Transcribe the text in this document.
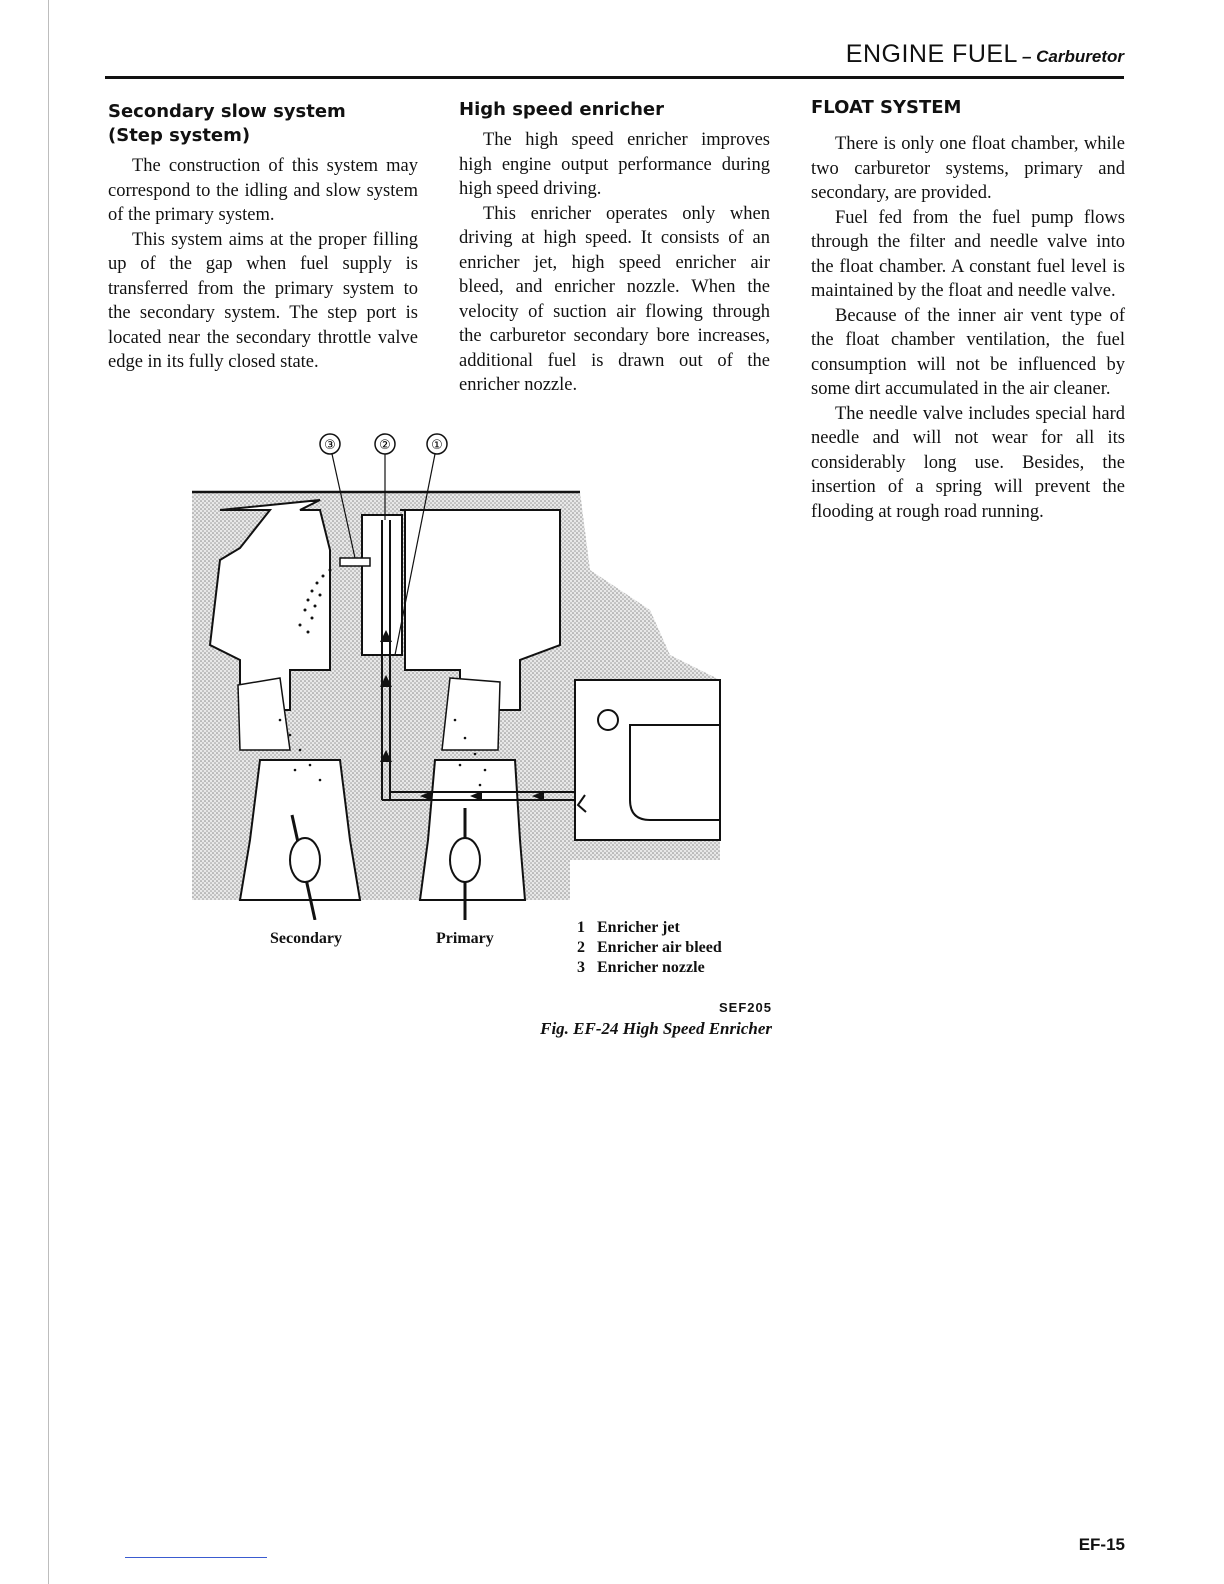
ENGINE FUEL – Carburetor
Secondary slow system
(Step system)

The construction of this system may correspond to the idling and slow system of the primary system.

This system aims at the proper filling up of the gap when fuel supply is transferred from the primary system to the secondary system. The step port is located near the secondary throttle valve edge in its fully closed state.

High speed enricher

The high speed enricher improves high engine output performance during high speed driving.

This enricher operates only when driving at high speed. It consists of an enricher jet, high speed enricher air bleed, and enricher nozzle. When the velocity of suction air flowing through the carburetor secondary bore increases, additional fuel is drawn out of the enricher nozzle.

FLOAT SYSTEM

There is only one float chamber, while two carburetor systems, primary and secondary, are provided.

Fuel fed from the fuel pump flows through the filter and needle valve into the float chamber. A constant fuel level is maintained by the float and needle valve.

Because of the inner air vent type of the float chamber ventilation, the fuel consumption will not be influenced by some dirt accumulated in the air cleaner.

The needle valve includes special hard needle and will not wear for all its considerably long use. Besides, the insertion of a spring will prevent the flooding at rough road running.

③	②	①
Secondary	Primary
1 Enricher jet
2 Enricher air bleed
3 Enricher nozzle
SEF205
Fig. EF-24 High Speed Enricher
EF-15
